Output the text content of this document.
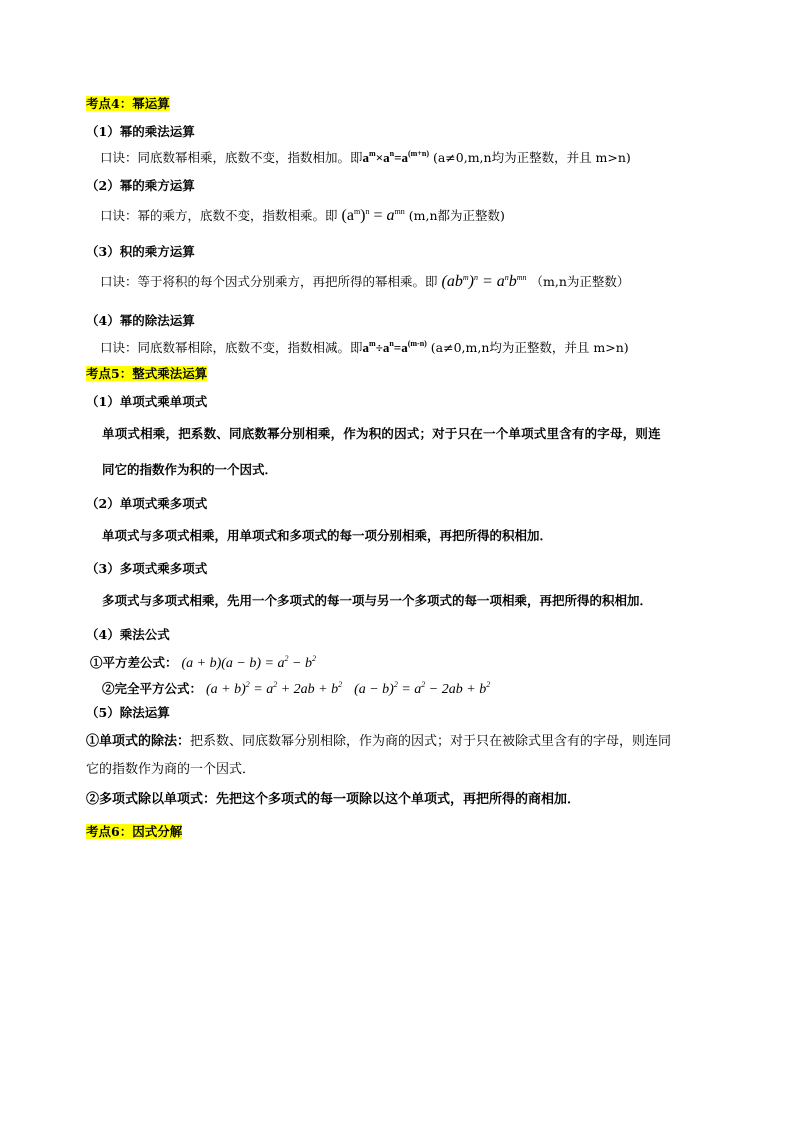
考点4：幂运算
（1）幂的乘法运算
口诀：同底数幂相乘，底数不变，指数相加。即$a^m\times a^n=a^{(m+n)}$ (a≠0,m,n均为正整数，并且 m>n)
（2）幂的乘方运算
口诀：幂的乘方，底数不变，指数相乘。即 $(a^m)^n = a^{mn}$ (m,n都为正整数)
（3）积的乘方运算
口诀：等于将积的每个因式分别乘方，再把所得的幂相乘。即 $(ab^m)^n = a^nb^{mn}$ （m,n为正整数）
（4）幂的除法运算
口诀：同底数幂相除，底数不变，指数相减。即$a^m\div a^n=a^{(m-n)}$ (a≠0,m,n均为正整数，并且 m>n)
考点5：整式乘法运算
（1）单项式乘单项式
单项式相乘，把系数、同底数幂分别相乘，作为积的因式；对于只在一个单项式里含有的字母，则连
同它的指数作为积的一个因式．
（2）单项式乘多项式
单项式与多项式相乘，用单项式和多项式的每一项分别相乘，再把所得的积相加．
（3）多项式乘多项式
多项式与多项式相乘，先用一个多项式的每一项与另一个多项式的每一项相乘，再把所得的积相加．
（4）乘法公式
①平方差公式： $(a + b)(a - b) = a^2 - b^2$
②完全平方公式： $(a + b)^2 = a^2 + 2ab + b^2$ $(a - b)^2 = a^2 - 2ab + b^2$
（5）除法运算
①单项式的除法：把系数、同底数幂分别相除，作为商的因式；对于只在被除式里含有的字母，则连同
它的指数作为商的一个因式．
②多项式除以单项式：先把这个多项式的每一项除以这个单项式，再把所得的商相加．
考点6：因式分解
